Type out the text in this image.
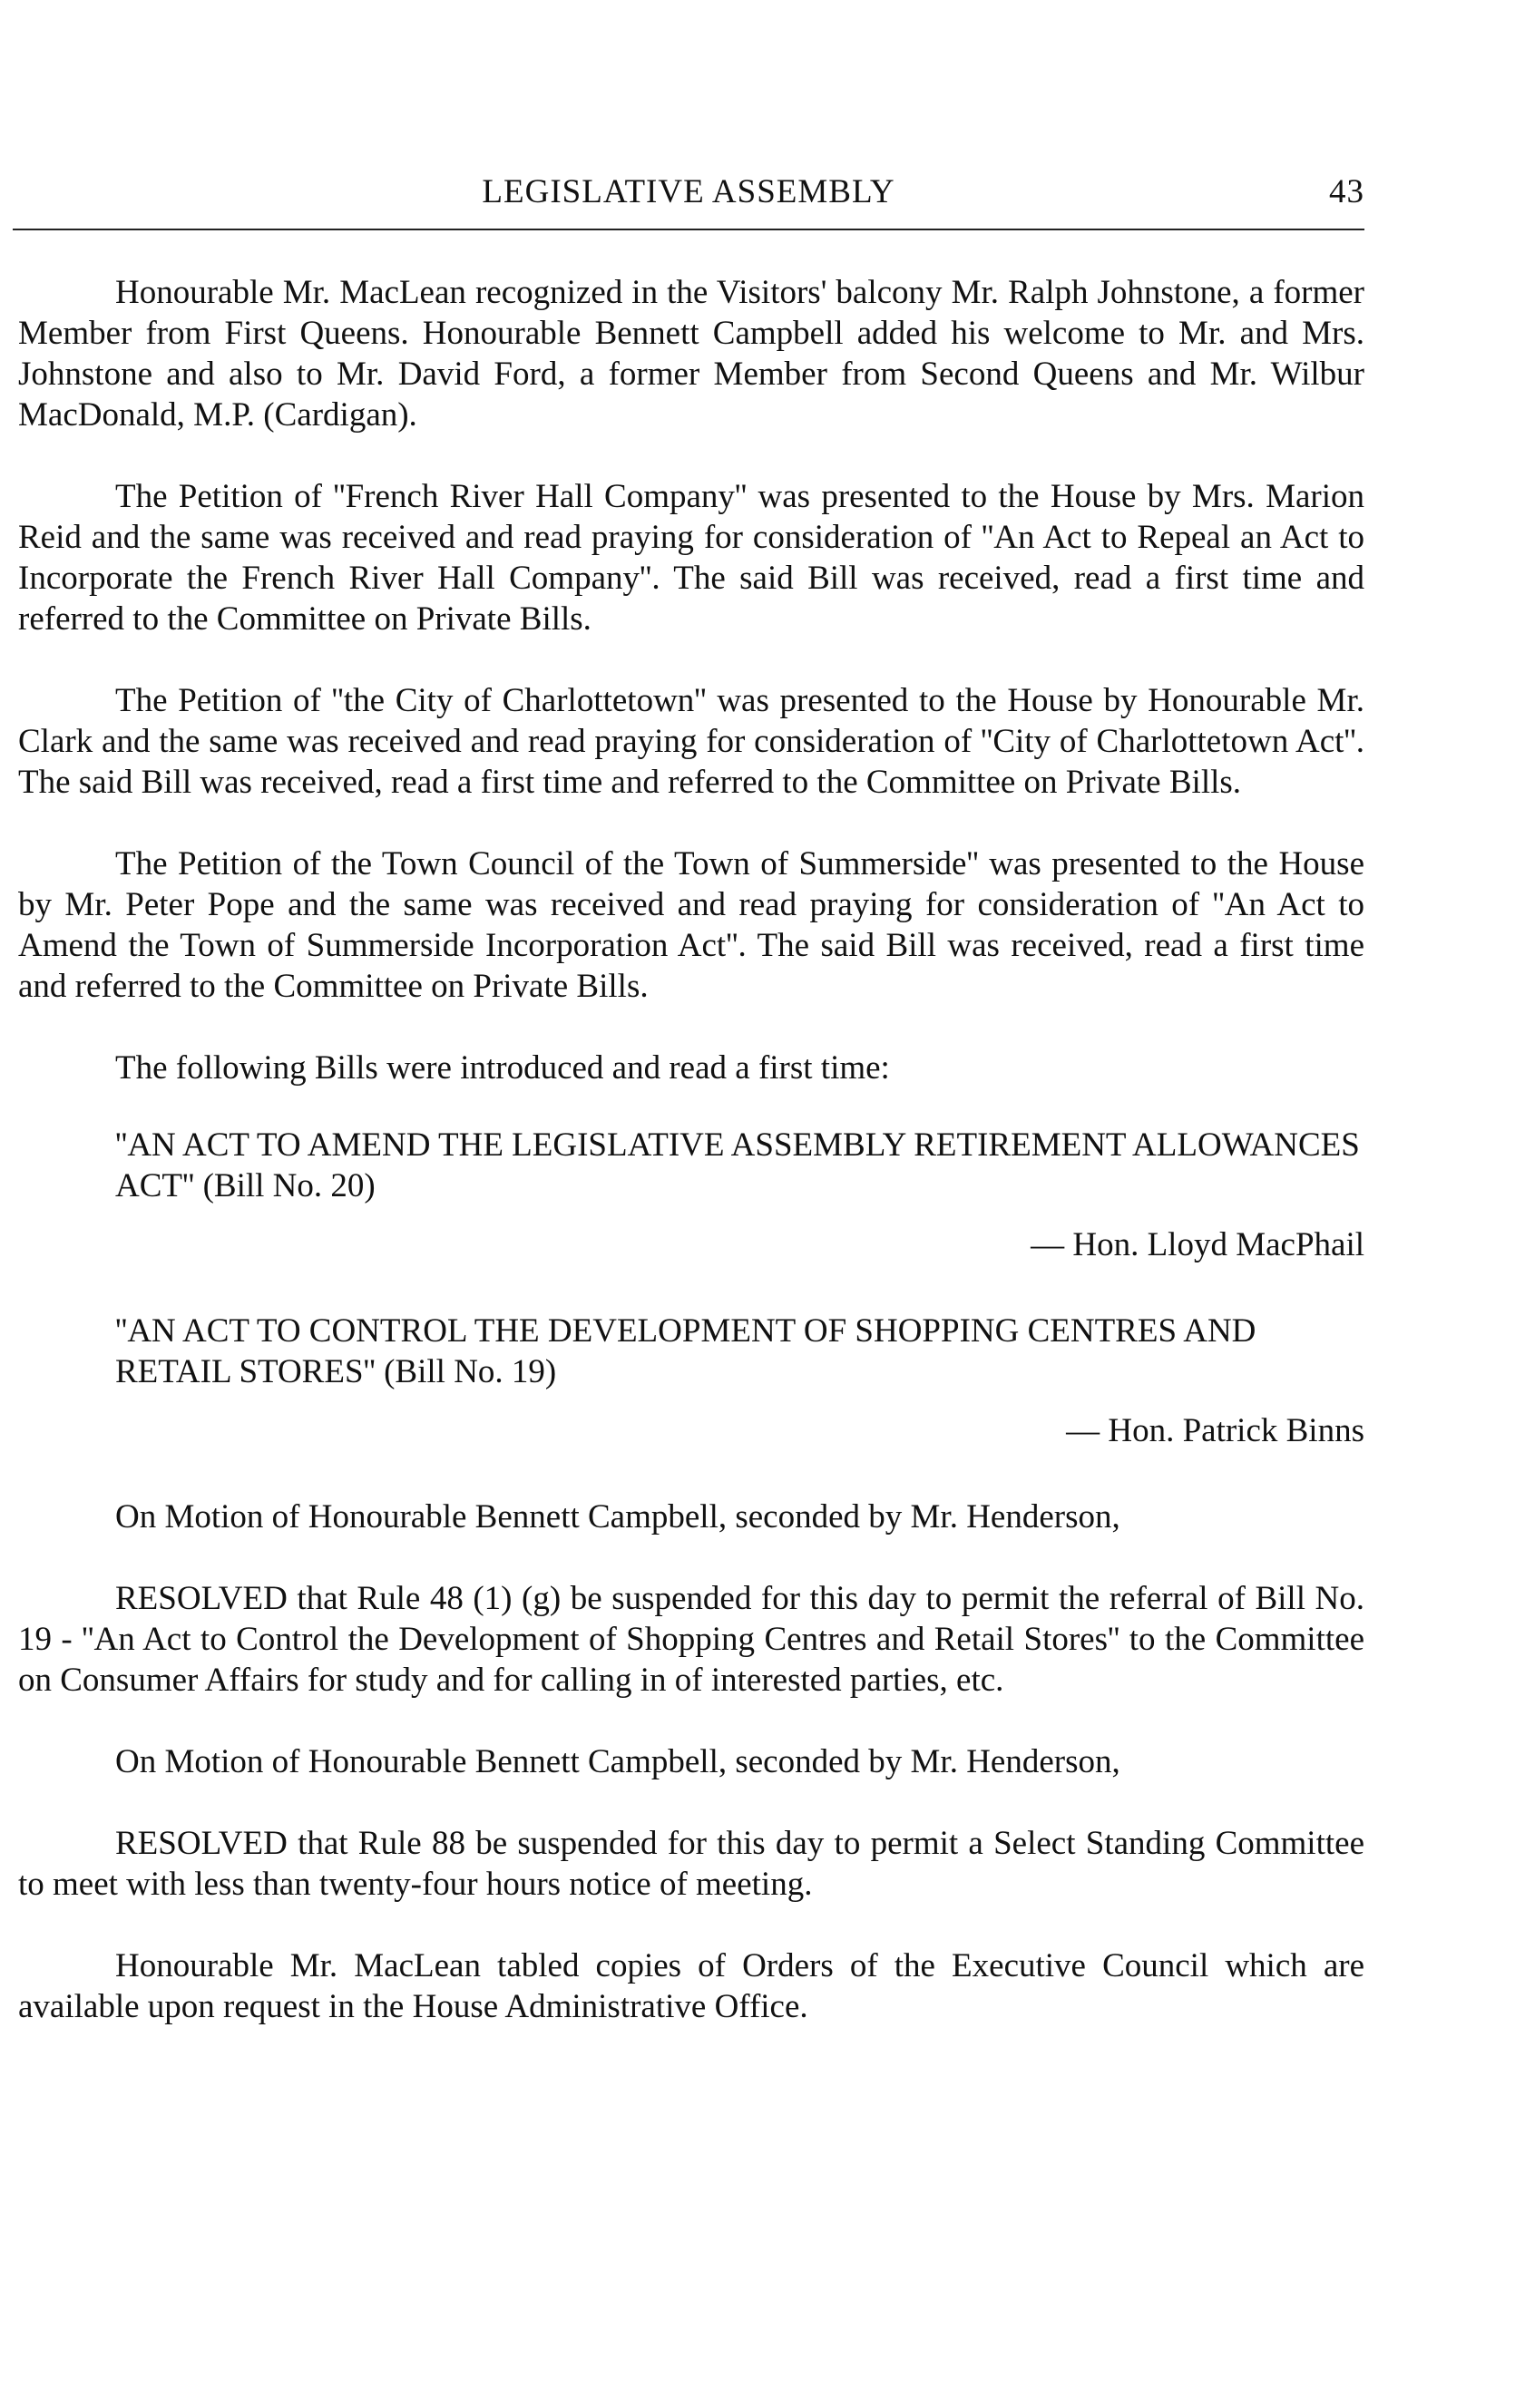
LEGISLATIVE ASSEMBLY	43

Honourable Mr. MacLean recognized in the Visitors' balcony Mr. Ralph Johnstone, a former Member from First Queens. Honourable Bennett Campbell added his welcome to Mr. and Mrs. Johnstone and also to Mr. David Ford, a former Member from Second Queens and Mr. Wilbur MacDonald, M.P. (Cardigan).

The Petition of ''French River Hall Company'' was presented to the House by Mrs. Marion Reid and the same was received and read praying for consideration of ''An Act to Repeal an Act to Incorporate the French River Hall Company''. The said Bill was received, read a first time and referred to the Committee on Private Bills.

The Petition of ''the City of Charlottetown'' was presented to the House by Honourable Mr. Clark and the same was received and read praying for consideration of ''City of Charlottetown Act''. The said Bill was received, read a first time and referred to the Committee on Private Bills.

The Petition of the Town Council of the Town of Summerside'' was presented to the House by Mr. Peter Pope and the same was received and read praying for consideration of ''An Act to Amend the Town of Summerside Incorporation Act''. The said Bill was received, read a first time and referred to the Committee on Private Bills.

The following Bills were introduced and read a first time:

''AN ACT TO AMEND THE LEGISLATIVE ASSEMBLY RETIREMENT ALLOWANCES ACT'' (Bill No. 20)

— Hon. Lloyd MacPhail

''AN ACT TO CONTROL THE DEVELOPMENT OF SHOPPING CENTRES AND RETAIL STORES'' (Bill No. 19)

— Hon. Patrick Binns

On Motion of Honourable Bennett Campbell, seconded by Mr. Henderson,

RESOLVED that Rule 48 (1) (g) be suspended for this day to permit the referral of Bill No. 19 - ''An Act to Control the Development of Shopping Centres and Retail Stores'' to the Committee on Consumer Affairs for study and for calling in of interested parties, etc.

On Motion of Honourable Bennett Campbell, seconded by Mr. Henderson,

RESOLVED that Rule 88 be suspended for this day to permit a Select Standing Committee to meet with less than twenty-four hours notice of meeting.

Honourable Mr. MacLean tabled copies of Orders of the Executive Council which are available upon request in the House Administrative Office.
